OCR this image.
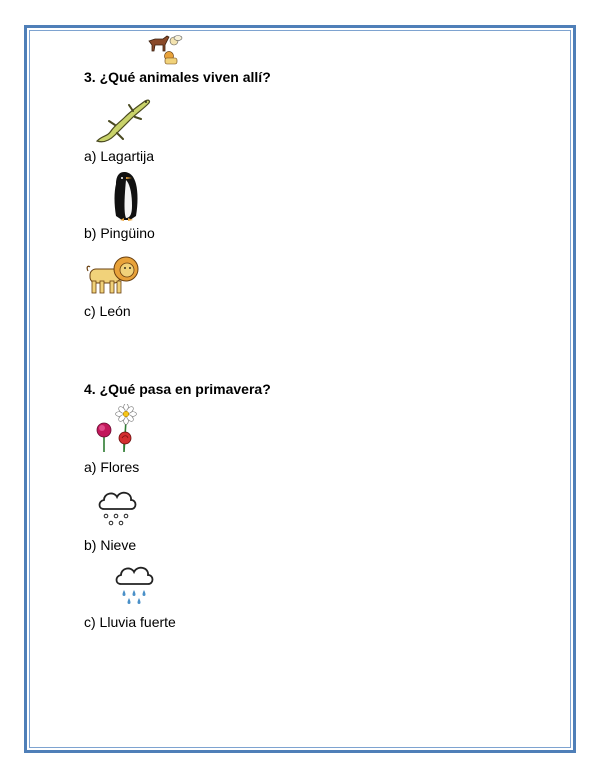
3. ¿Qué animales viven allí?
a) Lagartija
b) Pingüino
c) León
4. ¿Qué pasa en primavera?
a) Flores
b) Nieve
c) Lluvia fuerte
